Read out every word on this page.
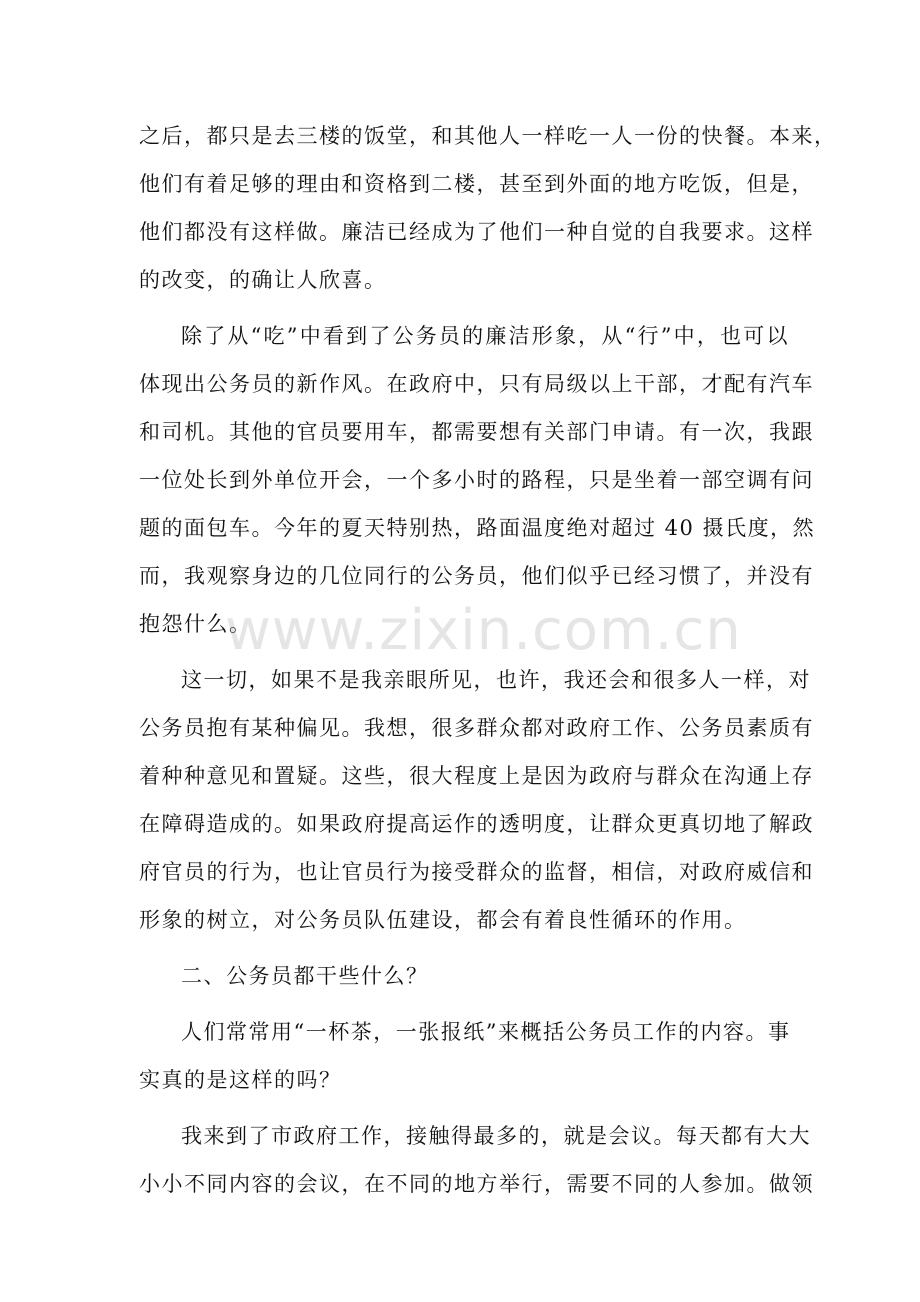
之后，都只是去三楼的饭堂，和其他人一样吃一人一份的快餐。本来，
他们有着足够的理由和资格到二楼，甚至到外面的地方吃饭，但是，
他们都没有这样做。廉洁已经成为了他们一种自觉的自我要求。这样
的改变，的确让人欣喜。
除了从“吃”中看到了公务员的廉洁形象，从“行”中，也可以
体现出公务员的新作风。在政府中，只有局级以上干部，才配有汽车
和司机。其他的官员要用车，都需要想有关部门申请。有一次，我跟
一位处长到外单位开会，一个多小时的路程，只是坐着一部空调有问
题的面包车。今年的夏天特别热，路面温度绝对超过 40 摄氏度，然
而，我观察身边的几位同行的公务员，他们似乎已经习惯了，并没有
抱怨什么。
这一切，如果不是我亲眼所见，也许，我还会和很多人一样，对
公务员抱有某种偏见。我想，很多群众都对政府工作、公务员素质有
着种种意见和置疑。这些，很大程度上是因为政府与群众在沟通上存
在障碍造成的。如果政府提高运作的透明度，让群众更真切地了解政
府官员的行为，也让官员行为接受群众的监督，相信，对政府威信和
形象的树立，对公务员队伍建设，都会有着良性循环的作用。
二、公务员都干些什么？
人们常常用“一杯茶，一张报纸”来概括公务员工作的内容。事
实真的是这样的吗？
我来到了市政府工作，接触得最多的，就是会议。每天都有大大
小小不同内容的会议，在不同的地方举行，需要不同的人参加。做领
www.zixin.com.cn
